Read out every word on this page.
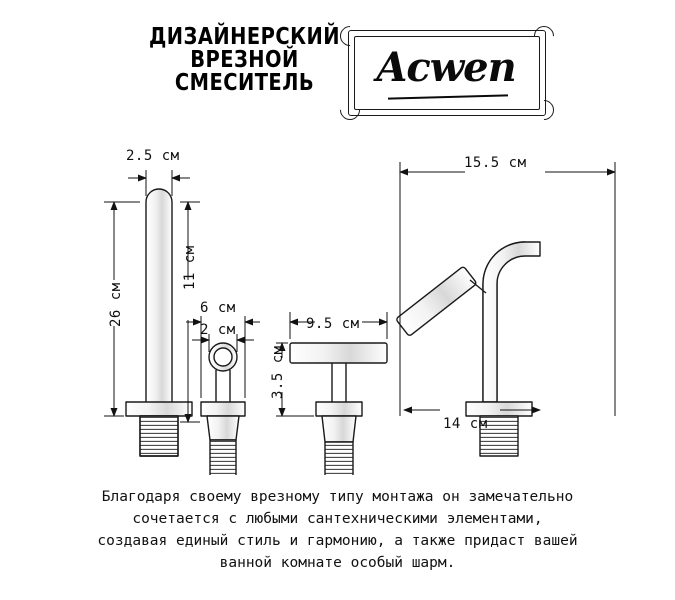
ДИЗАЙНЕРСКИЙ
ВРЕЗНОЙ
СМЕСИТЕЛЬ	Acwen
2.5 см
11 см
26 см	6 см
2 см	9.5 см
3.5 см
15.5 см
14 см
Благодаря своему врезному типу монтажа он замечательно сочетается с любыми сантехническими элементами, создавая единый стиль и гармонию, а также придаст вашей ванной комнате особый шарм.
